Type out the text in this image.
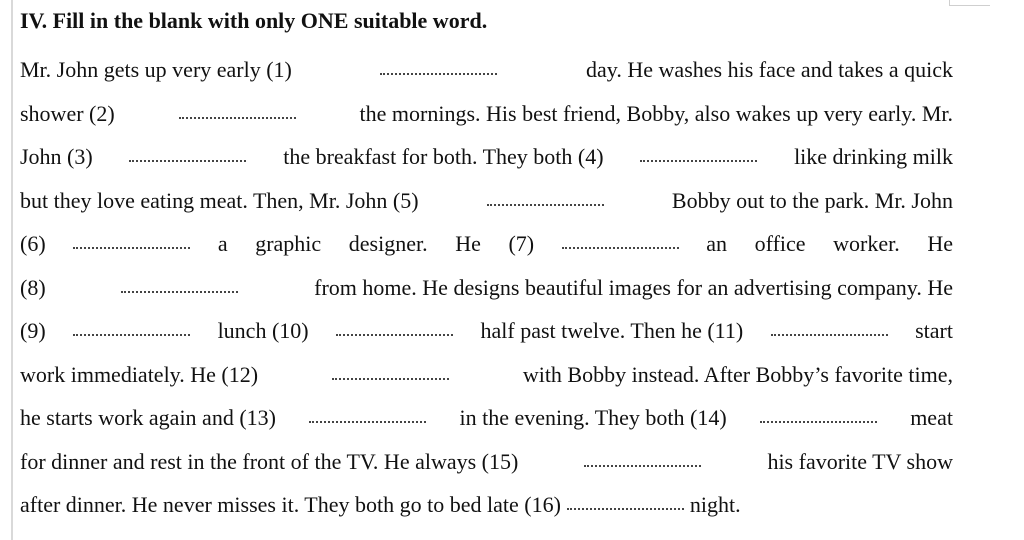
IV. Fill in the blank with only ONE suitable word.
Mr. John gets up very early (1)	day. He washes his face and takes a quick
shower (2)	the mornings. His best friend, Bobby, also wakes up very early. Mr.
John (3)	the breakfast for both. They both (4)	like drinking milk
but they love eating meat. Then, Mr. John (5)	Bobby out to the park. Mr. John
(6)	a graphic designer. He (7)	an office worker. He
(8)	from home. He designs beautiful images for an advertising company. He
(9)	lunch (10)	half past twelve. Then he (11)	start
work immediately. He (12)	with Bobby instead. After Bobby’s favorite time,
he starts work again and (13)	in the evening. They both (14)	meat
for dinner and rest in the front of the TV. He always (15)	his favorite TV show
after dinner. He never misses it. They both go to bed late (16)	night.
